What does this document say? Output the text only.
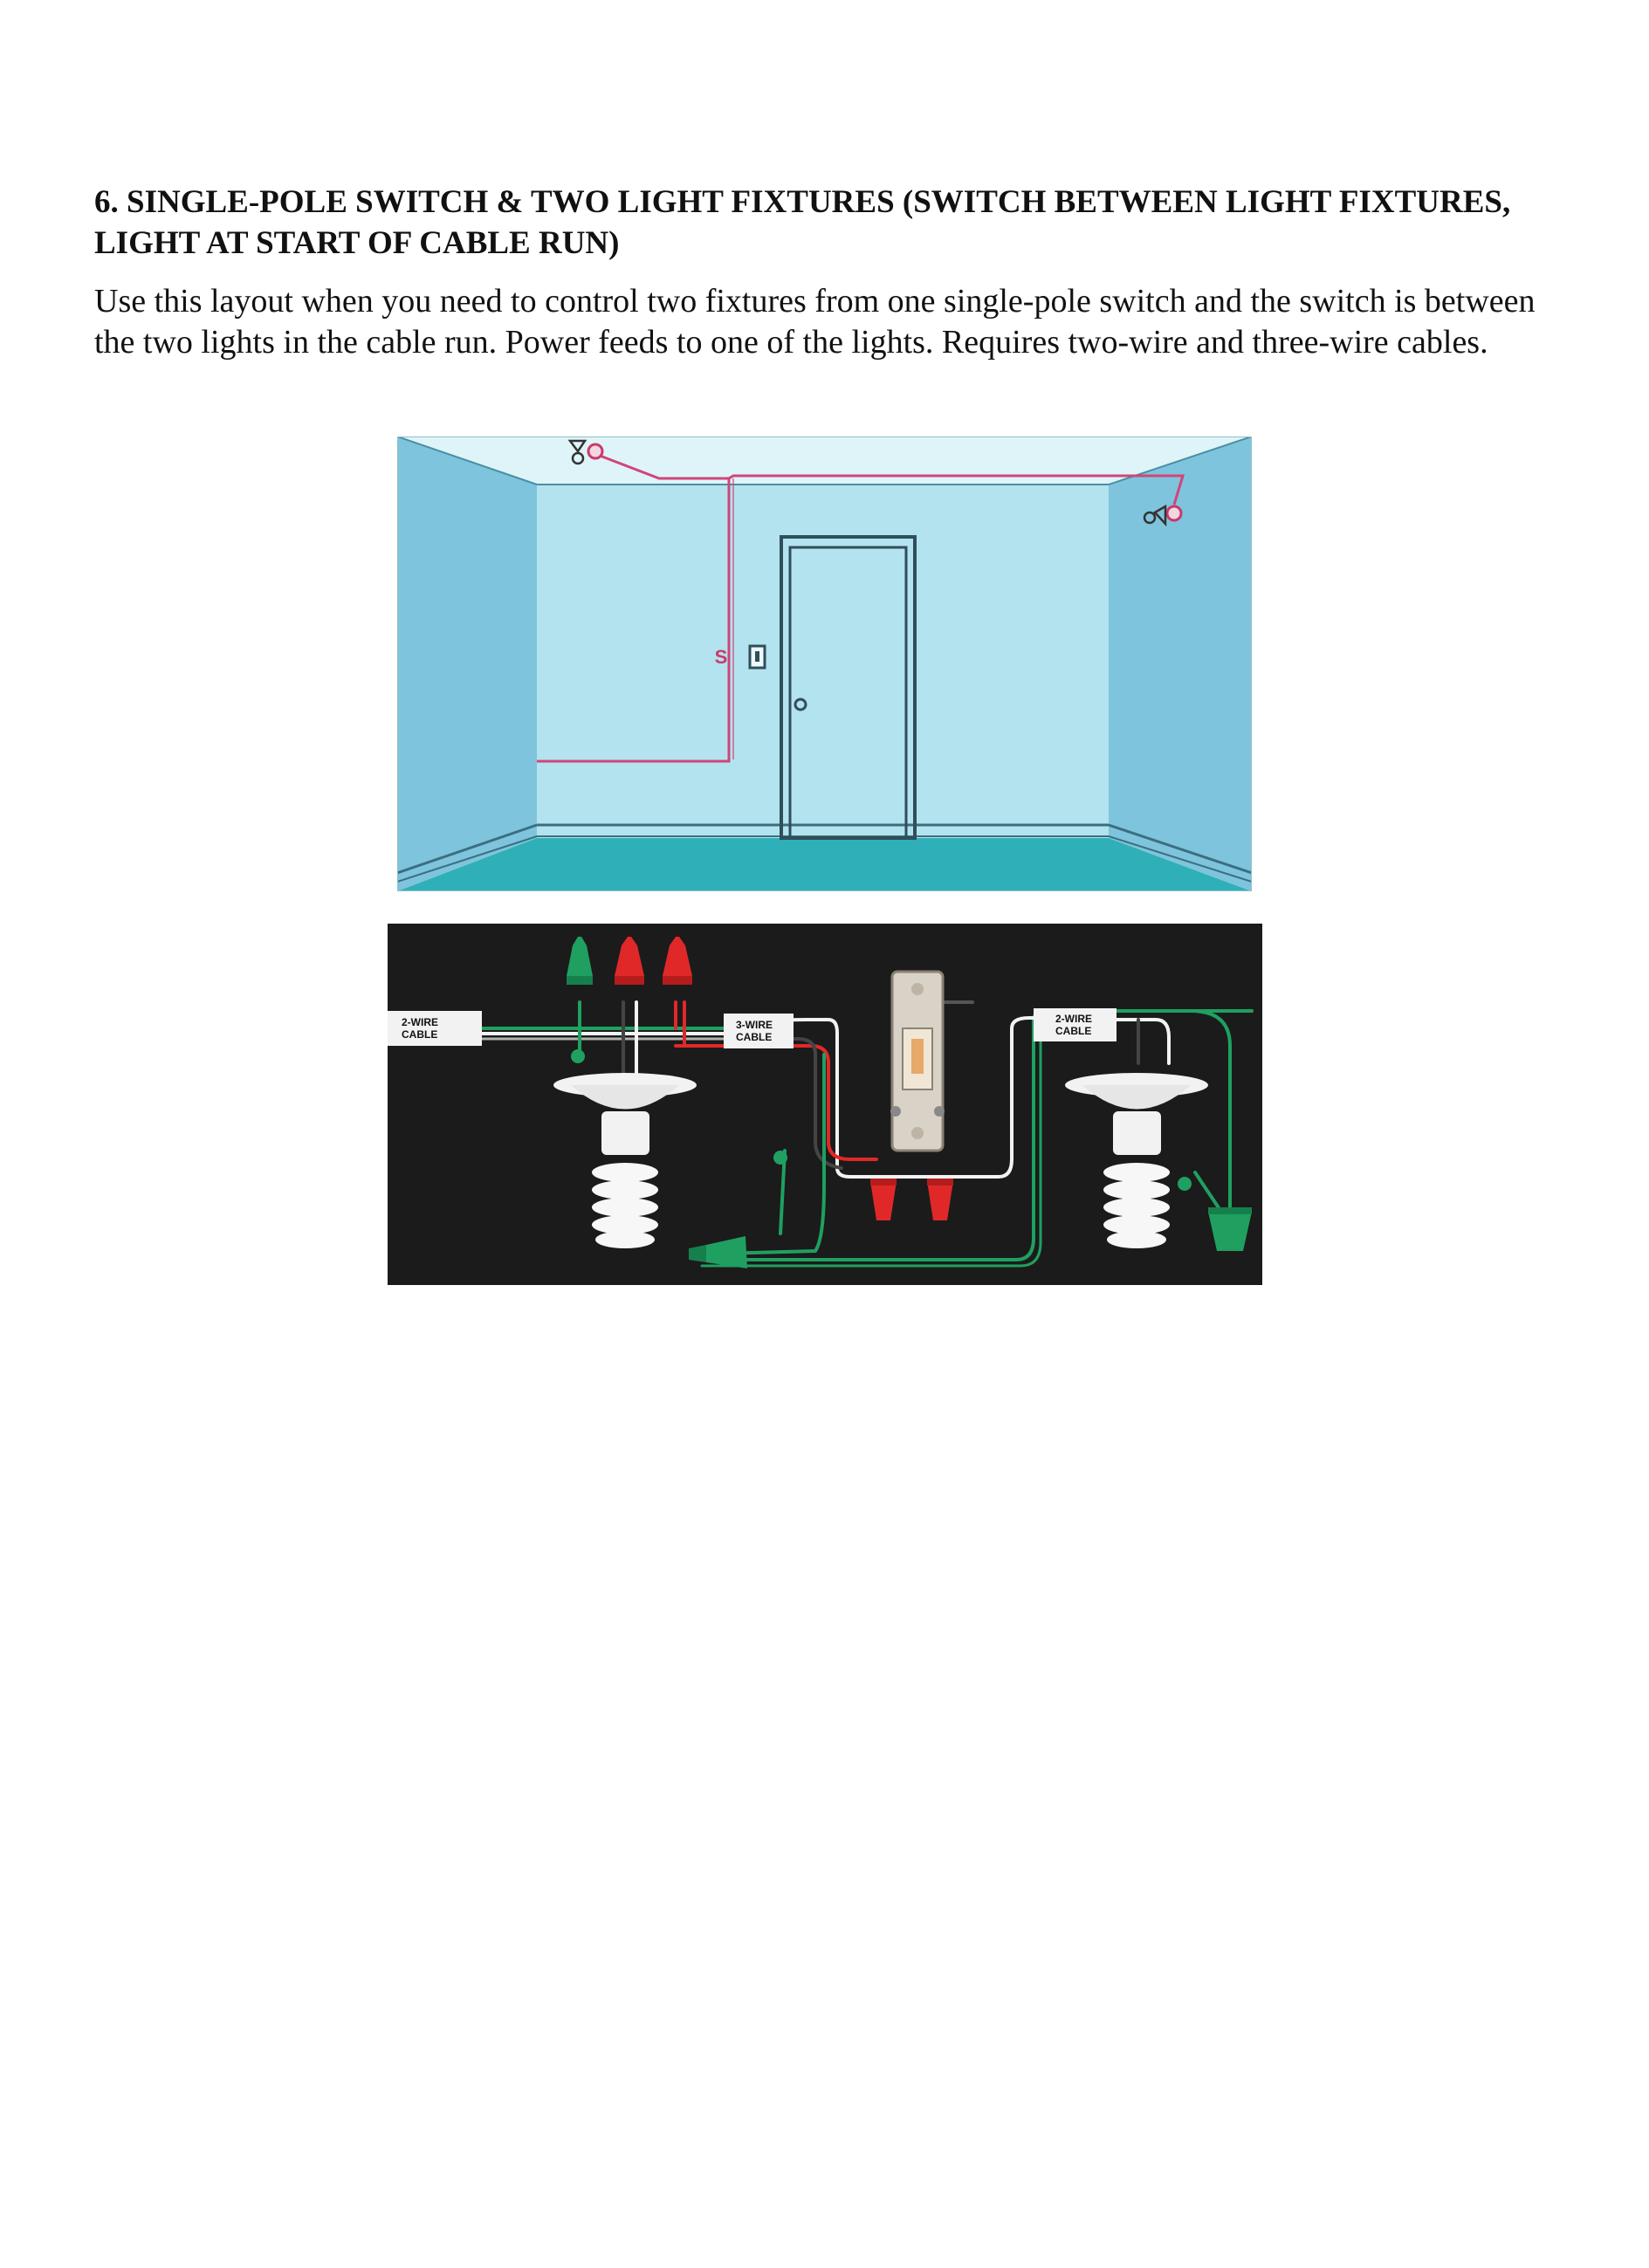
6. SINGLE-POLE SWITCH & TWO LIGHT FIXTURES (SWITCH BETWEEN LIGHT FIXTURES, LIGHT AT START OF CABLE RUN)

Use this layout when you need to control two fixtures from one single-pole switch and the switch is between the two lights in the cable run. Power feeds to one of the lights. Requires two-wire and three-wire cables.

S
2-WIRE
CABLE
3-WIRE
CABLE
2-WIRE
CABLE
